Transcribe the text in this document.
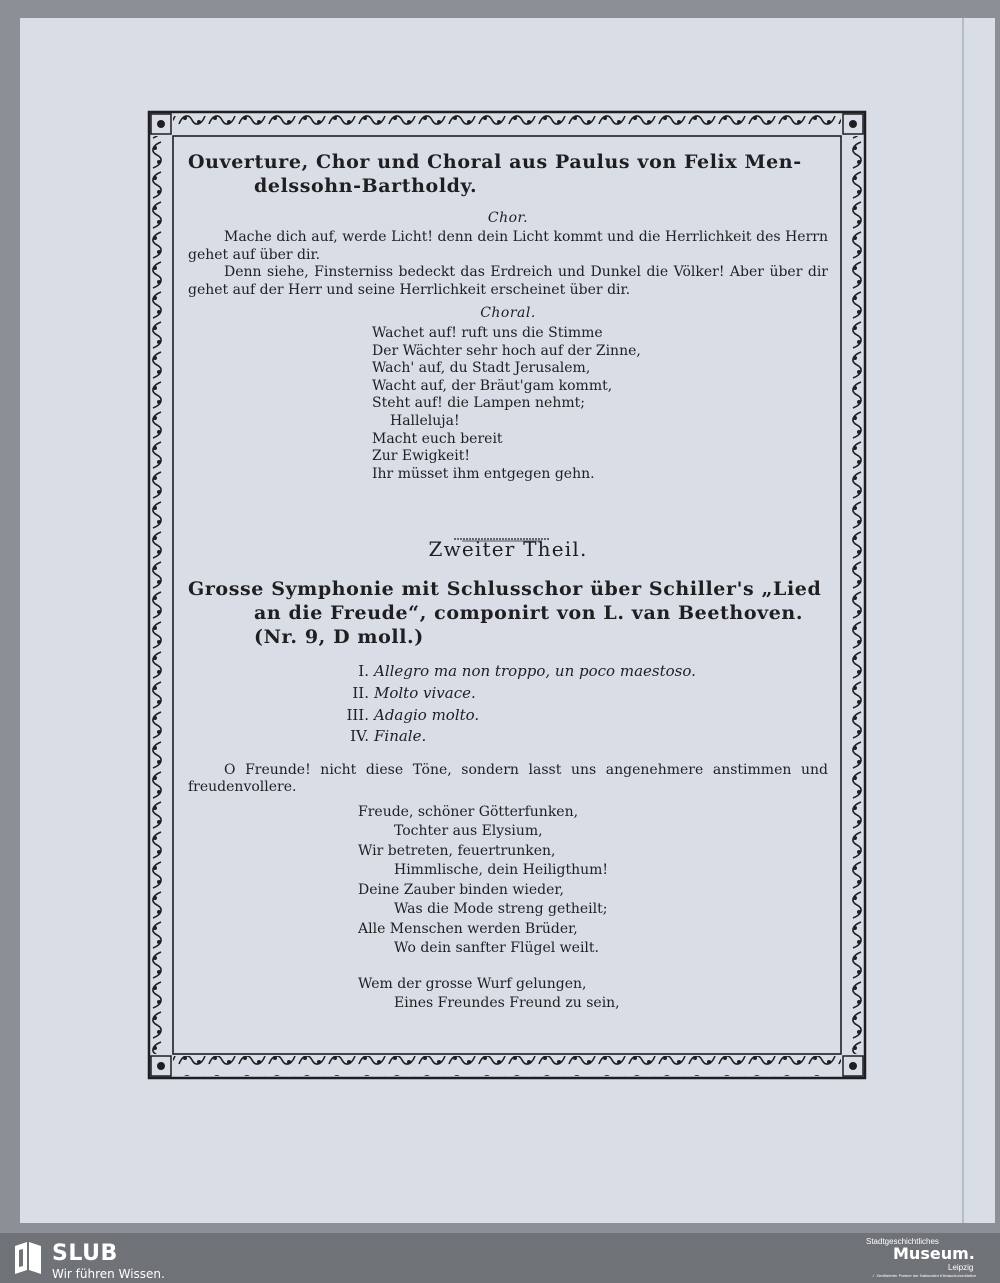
Ouverture, Chor und Choral aus Paulus von Felix Men-
delssohn-Bartholdy.

Chor.

Mache dich auf, werde Licht! denn dein Licht kommt und die Herrlichkeit des Herrn gehet auf über dir.

Denn siehe, Finsterniss bedeckt das Erdreich und Dunkel die Völker! Aber über dir gehet auf der Herr und seine Herrlichkeit erscheinet über dir.

Choral.

Wachet auf! ruft uns die Stimme
Der Wächter sehr hoch auf der Zinne,
Wach' auf, du Stadt Jerusalem,
Wacht auf, der Bräut'gam kommt,
Steht auf! die Lampen nehmt;
Halleluja!
Macht euch bereit
Zur Ewigkeit!
Ihr müsset ihm entgegen gehn.

Zweiter Theil.

Grosse Symphonie mit Schlusschor über Schiller's „Lied
an die Freude“, componirt von L. van Beethoven.
(Nr. 9, D moll.)

I. Allegro ma non troppo, un poco maestoso.
II. Molto vivace.
III. Adagio molto.
IV. Finale.

O Freunde! nicht diese Töne, sondern lasst uns angenehmere anstimmen und freudenvollere.

Freude, schöner Götterfunken,
Tochter aus Elysium,
Wir betreten, feuertrunken,
Himmlische, dein Heiligthum!
Deine Zauber binden wieder,
Was die Mode streng getheilt;
Alle Menschen werden Brüder,
Wo dein sanfter Flügel weilt.
Wem der grosse Wurf gelungen,
Eines Freundes Freund zu sein,
SLUB
Wir führen Wissen.
Stadtgeschichtliches
Museum.
Leipzig
✓ Zertifizierter Partner der Nationalen Klimaschutzinitiative
